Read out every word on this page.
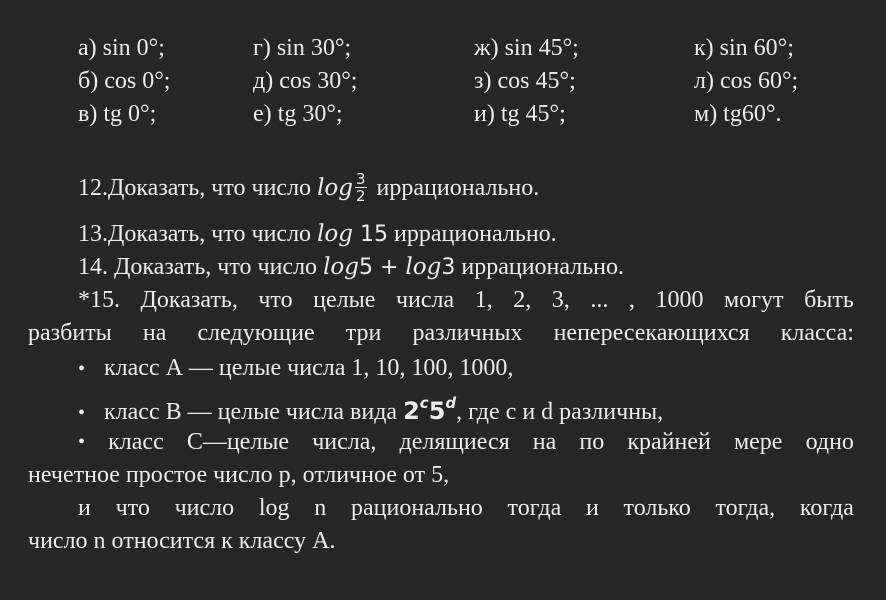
а) sin 0°;	г) sin 30°;	ж) sin 45°;	к) sin 60°;
б) cos 0°;	д) cos 30°;	з) cos 45°;	л) cos 60°;
в) tg 0°;	е) tg 30°;	и) tg 45°;	м) tg60°.
12.Доказать, что число $\log \frac{3}{2}$ иррационально.
13.Доказать, что число log 15 иррационально.
14. Доказать, что число log5 + log3 иррационально.
*15. Доказать, что целые числа 1, 2, 3, ... , 1000 могут быть
разбиты на следующие три различных непересекающихся класса:
• класс А — целые числа 1, 10, 100, 1000,
• класс В — целые числа вида 2$^c$5$^d$, где с и d различны,
• класс С—целые числа, делящиеся на по крайней мере одно
нечетное простое число р, отличное от 5,
и что число log n рационально тогда и только тогда, когда
число n относится к классу А.
